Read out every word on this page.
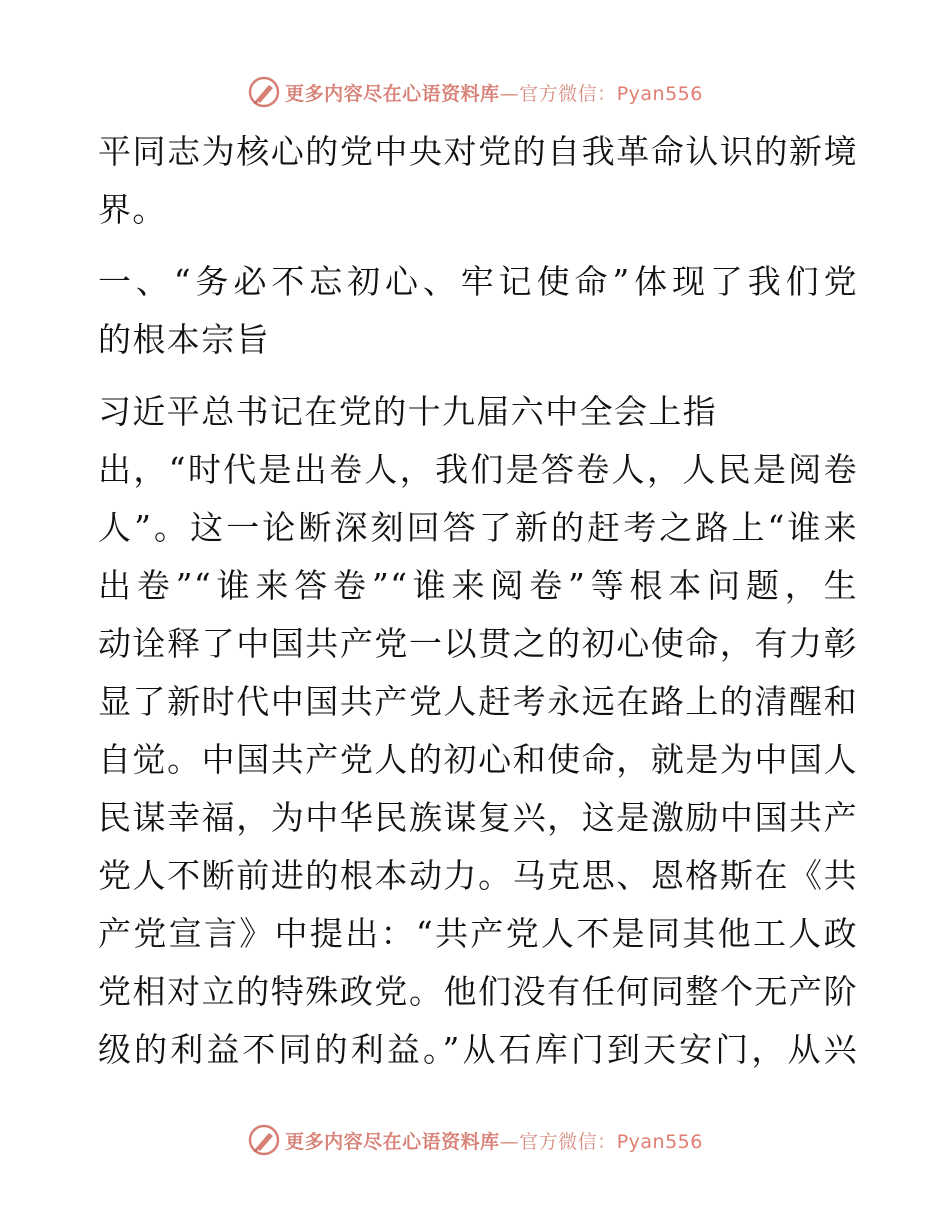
更多内容尽在心语资料库—官方微信：Pyan556
平同志为核心的党中央对党的自我革命认识的新境
界。
一、“务必不忘初心、牢记使命”体现了我们党
的根本宗旨
习近平总书记在党的十九届六中全会上指
出，“时代是出卷人，我们是答卷人，人民是阅卷
人”。这一论断深刻回答了新的赶考之路上“谁来
出卷”“谁来答卷”“谁来阅卷”等根本问题，生
动诠释了中国共产党一以贯之的初心使命，有力彰
显了新时代中国共产党人赶考永远在路上的清醒和
自觉。中国共产党人的初心和使命，就是为中国人
民谋幸福，为中华民族谋复兴，这是激励中国共产
党人不断前进的根本动力。马克思、恩格斯在《共
产党宣言》中提出：“共产党人不是同其他工人政
党相对立的特殊政党。他们没有任何同整个无产阶
级的利益不同的利益。”从石库门到天安门，从兴
更多内容尽在心语资料库—官方微信：Pyan556
